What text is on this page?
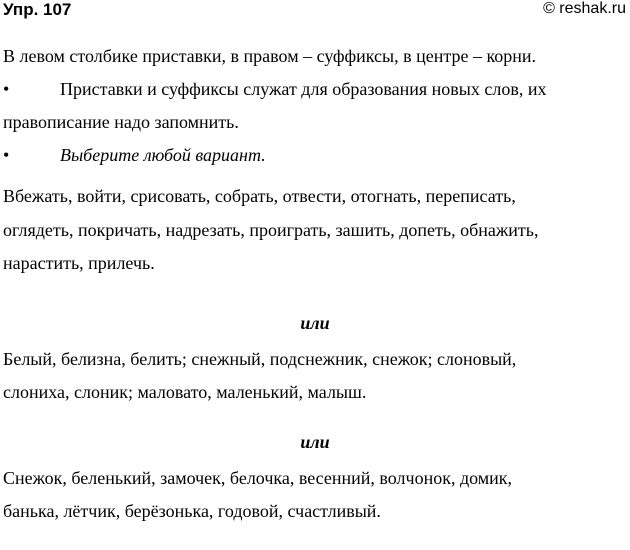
Упр. 107	© reshak.ru

В левом столбике приставки, в правом – суффиксы, в центре – корни.

•	Приставки и суффиксы служат для образования новых слов, их
правописание надо запомнить.
•	Выберите любой вариант.
Вбежать, войти, срисовать, собрать, отвести, отогнать, переписать,
оглядеть, покричать, надрезать, проиграть, зашить, допеть, обнажить,
нарастить, прилечь.
или
Белый, белизна, белить; снежный, подснежник, снежок; слоновый,
слониха, слоник; маловато, маленький, малыш.
или
Снежок, беленький, замочек, белочка, весенний, волчонок, домик,
банька, лётчик, берёзонька, годовой, счастливый.
